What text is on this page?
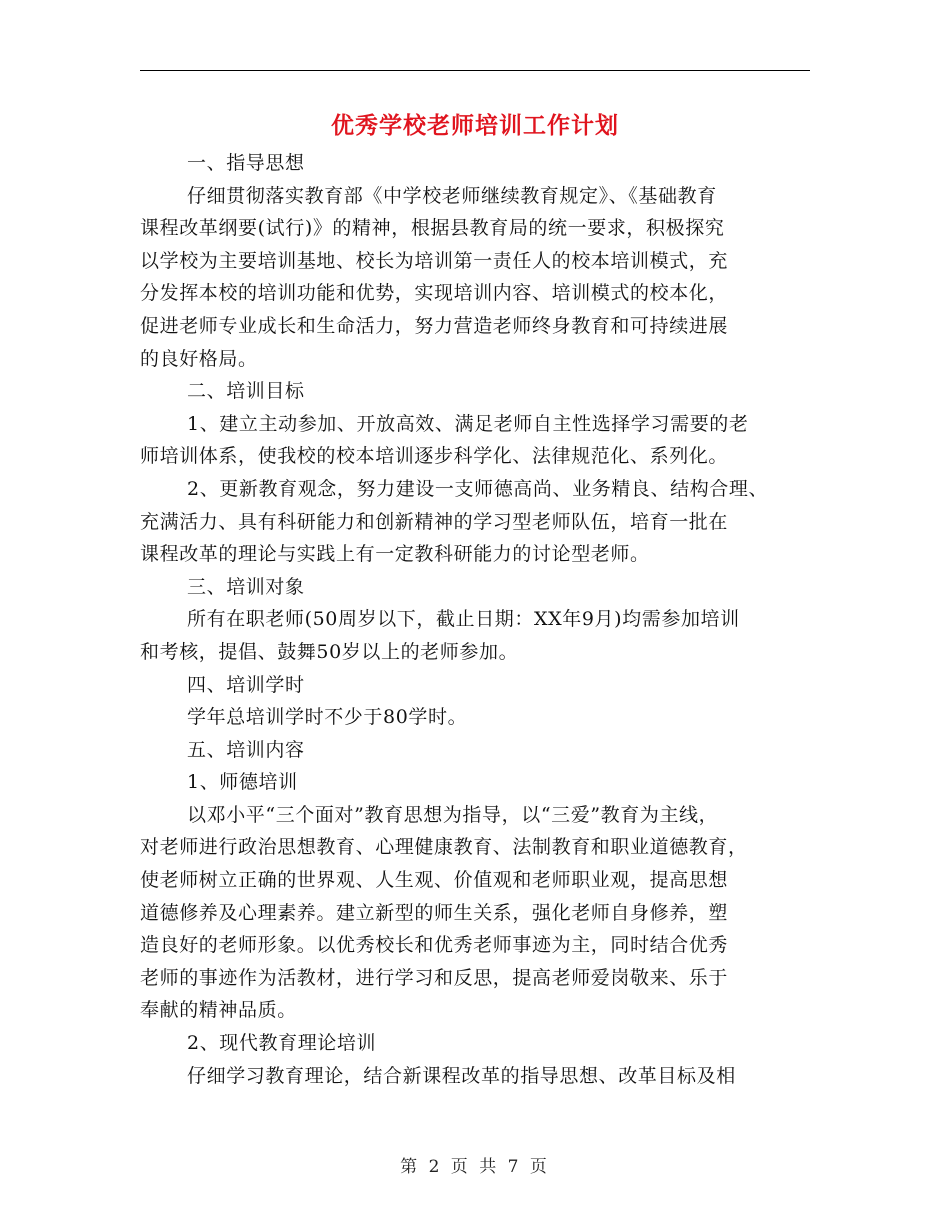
优秀学校老师培训工作计划
一、指导思想
仔细贯彻落实教育部《中学校老师继续教育规定》、《基础教育
课程改革纲要(试行)》的精神，根据县教育局的统一要求，积极探究
以学校为主要培训基地、校长为培训第一责任人的校本培训模式，充
分发挥本校的培训功能和优势，实现培训内容、培训模式的校本化，
促进老师专业成长和生命活力，努力营造老师终身教育和可持续进展
的良好格局。
二、培训目标
1、建立主动参加、开放高效、满足老师自主性选择学习需要的老
师培训体系，使我校的校本培训逐步科学化、法律规范化、系列化。
2、更新教育观念，努力建设一支师德高尚、业务精良、结构合理、
充满活力、具有科研能力和创新精神的学习型老师队伍，培育一批在
课程改革的理论与实践上有一定教科研能力的讨论型老师。
三、培训对象
所有在职老师(50周岁以下，截止日期：XX年9月)均需参加培训
和考核，提倡、鼓舞50岁以上的老师参加。
四、培训学时
学年总培训学时不少于80学时。
五、培训内容
1、师德培训
以邓小平“三个面对”教育思想为指导，以“三爱”教育为主线，
对老师进行政治思想教育、心理健康教育、法制教育和职业道德教育，
使老师树立正确的世界观、人生观、价值观和老师职业观，提高思想
道德修养及心理素养。建立新型的师生关系，强化老师自身修养，塑
造良好的老师形象。以优秀校长和优秀老师事迹为主，同时结合优秀
老师的事迹作为活教材，进行学习和反思，提高老师爱岗敬来、乐于
奉献的精神品质。
2、现代教育理论培训
仔细学习教育理论，结合新课程改革的指导思想、改革目标及相
第 2 页 共 7 页
